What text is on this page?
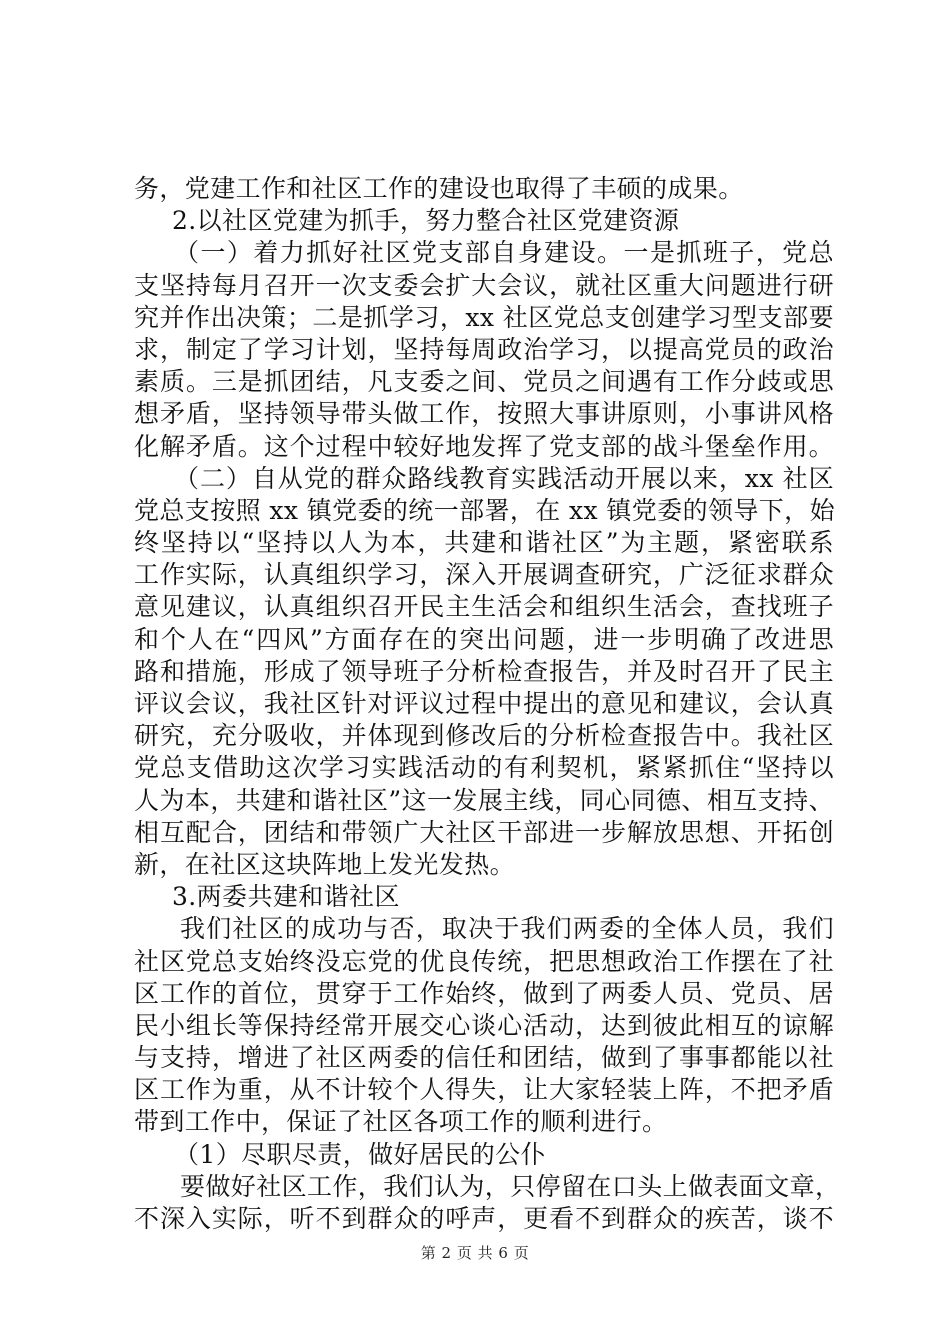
务，党建工作和社区工作的建设也取得了丰硕的成果。
2.以社区党建为抓手，努力整合社区党建资源
（一）着力抓好社区党支部自身建设。一是抓班子，党总
支坚持每月召开一次支委会扩大会议，就社区重大问题进行研
究并作出决策；二是抓学习，xx 社区党总支创建学习型支部要
求，制定了学习计划，坚持每周政治学习，以提高党员的政治
素质。三是抓团结，凡支委之间、党员之间遇有工作分歧或思
想矛盾，坚持领导带头做工作，按照大事讲原则，小事讲风格
化解矛盾。这个过程中较好地发挥了党支部的战斗堡垒作用。
（二）自从党的群众路线教育实践活动开展以来，xx 社区
党总支按照 xx 镇党委的统一部署，在 xx 镇党委的领导下，始
终坚持以“坚持以人为本，共建和谐社区”为主题，紧密联系
工作实际，认真组织学习，深入开展调查研究，广泛征求群众
意见建议，认真组织召开民主生活会和组织生活会，查找班子
和个人在“四风”方面存在的突出问题，进一步明确了改进思
路和措施，形成了领导班子分析检查报告，并及时召开了民主
评议会议，我社区针对评议过程中提出的意见和建议，会认真
研究，充分吸收，并体现到修改后的分析检查报告中。我社区
党总支借助这次学习实践活动的有利契机，紧紧抓住“坚持以
人为本，共建和谐社区”这一发展主线，同心同德、相互支持、
相互配合，团结和带领广大社区干部进一步解放思想、开拓创
新，在社区这块阵地上发光发热。
3.两委共建和谐社区
我们社区的成功与否，取决于我们两委的全体人员，我们
社区党总支始终没忘党的优良传统，把思想政治工作摆在了社
区工作的首位，贯穿于工作始终，做到了两委人员、党员、居
民小组长等保持经常开展交心谈心活动，达到彼此相互的谅解
与支持，增进了社区两委的信任和团结，做到了事事都能以社
区工作为重，从不计较个人得失，让大家轻装上阵，不把矛盾
带到工作中，保证了社区各项工作的顺利进行。
（1）尽职尽责，做好居民的公仆
要做好社区工作，我们认为，只停留在口头上做表面文章，
不深入实际，听不到群众的呼声，更看不到群众的疾苦，谈不
第 2 页 共 6 页
